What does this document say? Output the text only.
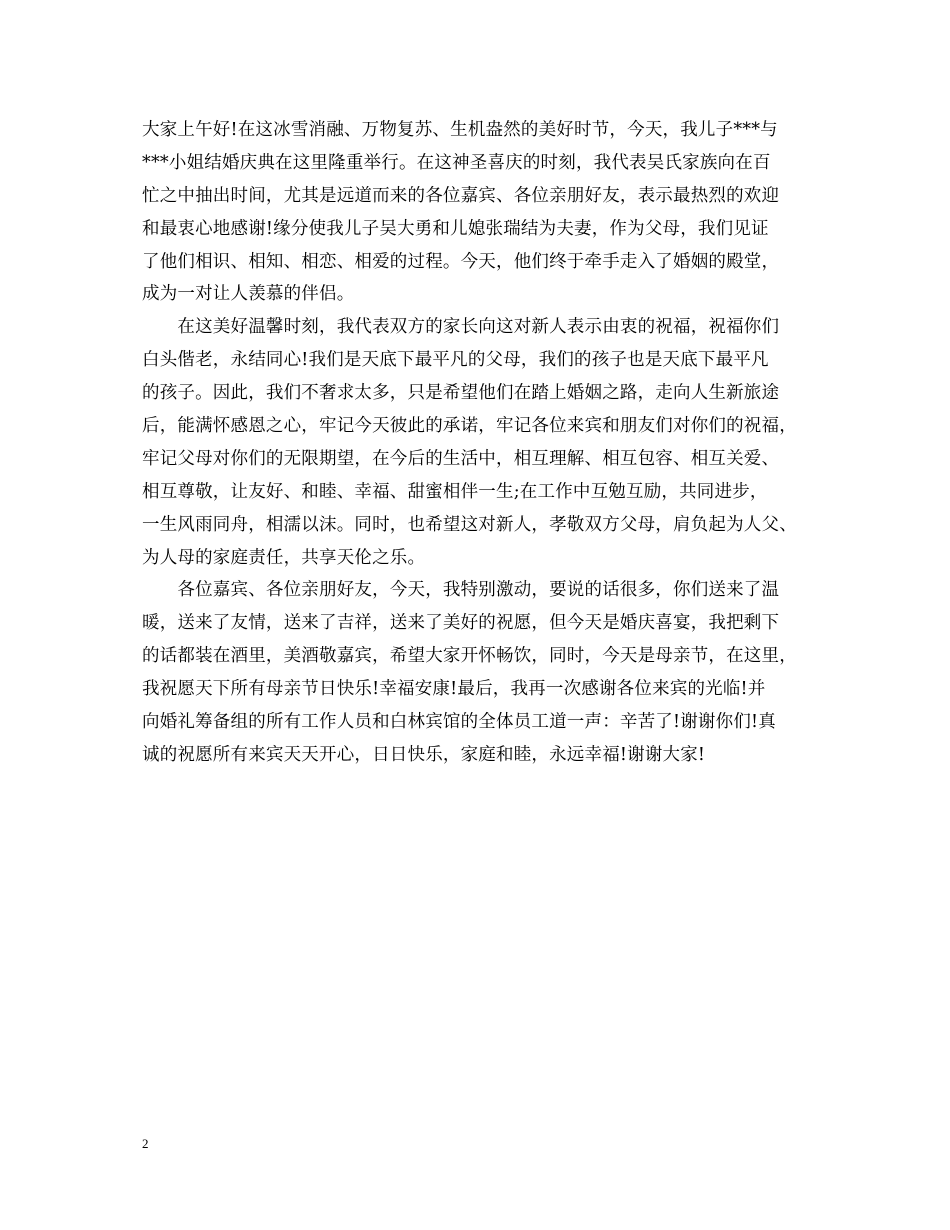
大家上午好!在这冰雪消融、万物复苏、生机盎然的美好时节，今天，我儿子***与
***小姐结婚庆典在这里隆重举行。在这神圣喜庆的时刻，我代表吴氏家族向在百
忙之中抽出时间，尤其是远道而来的各位嘉宾、各位亲朋好友，表示最热烈的欢迎
和最衷心地感谢!缘分使我儿子吴大勇和儿媳张瑞结为夫妻，作为父母，我们见证
了他们相识、相知、相恋、相爱的过程。今天，他们终于牵手走入了婚姻的殿堂，
成为一对让人羡慕的伴侣。

　　在这美好温馨时刻，我代表双方的家长向这对新人表示由衷的祝福，祝福你们
白头偕老，永结同心!我们是天底下最平凡的父母，我们的孩子也是天底下最平凡
的孩子。因此，我们不奢求太多，只是希望他们在踏上婚姻之路，走向人生新旅途
后，能满怀感恩之心，牢记今天彼此的承诺，牢记各位来宾和朋友们对你们的祝福，
牢记父母对你们的无限期望，在今后的生活中，相互理解、相互包容、相互关爱、
相互尊敬，让友好、和睦、幸福、甜蜜相伴一生;在工作中互勉互励，共同进步，
一生风雨同舟，相濡以沫。同时，也希望这对新人，孝敬双方父母，肩负起为人父、
为人母的家庭责任，共享天伦之乐。

　　各位嘉宾、各位亲朋好友，今天，我特别激动，要说的话很多，你们送来了温
暖，送来了友情，送来了吉祥，送来了美好的祝愿，但今天是婚庆喜宴，我把剩下
的话都装在酒里，美酒敬嘉宾，希望大家开怀畅饮，同时，今天是母亲节，在这里，
我祝愿天下所有母亲节日快乐!幸福安康!最后，我再一次感谢各位来宾的光临!并
向婚礼筹备组的所有工作人员和白林宾馆的全体员工道一声：辛苦了!谢谢你们!真
诚的祝愿所有来宾天天开心，日日快乐，家庭和睦，永远幸福!谢谢大家!

2
